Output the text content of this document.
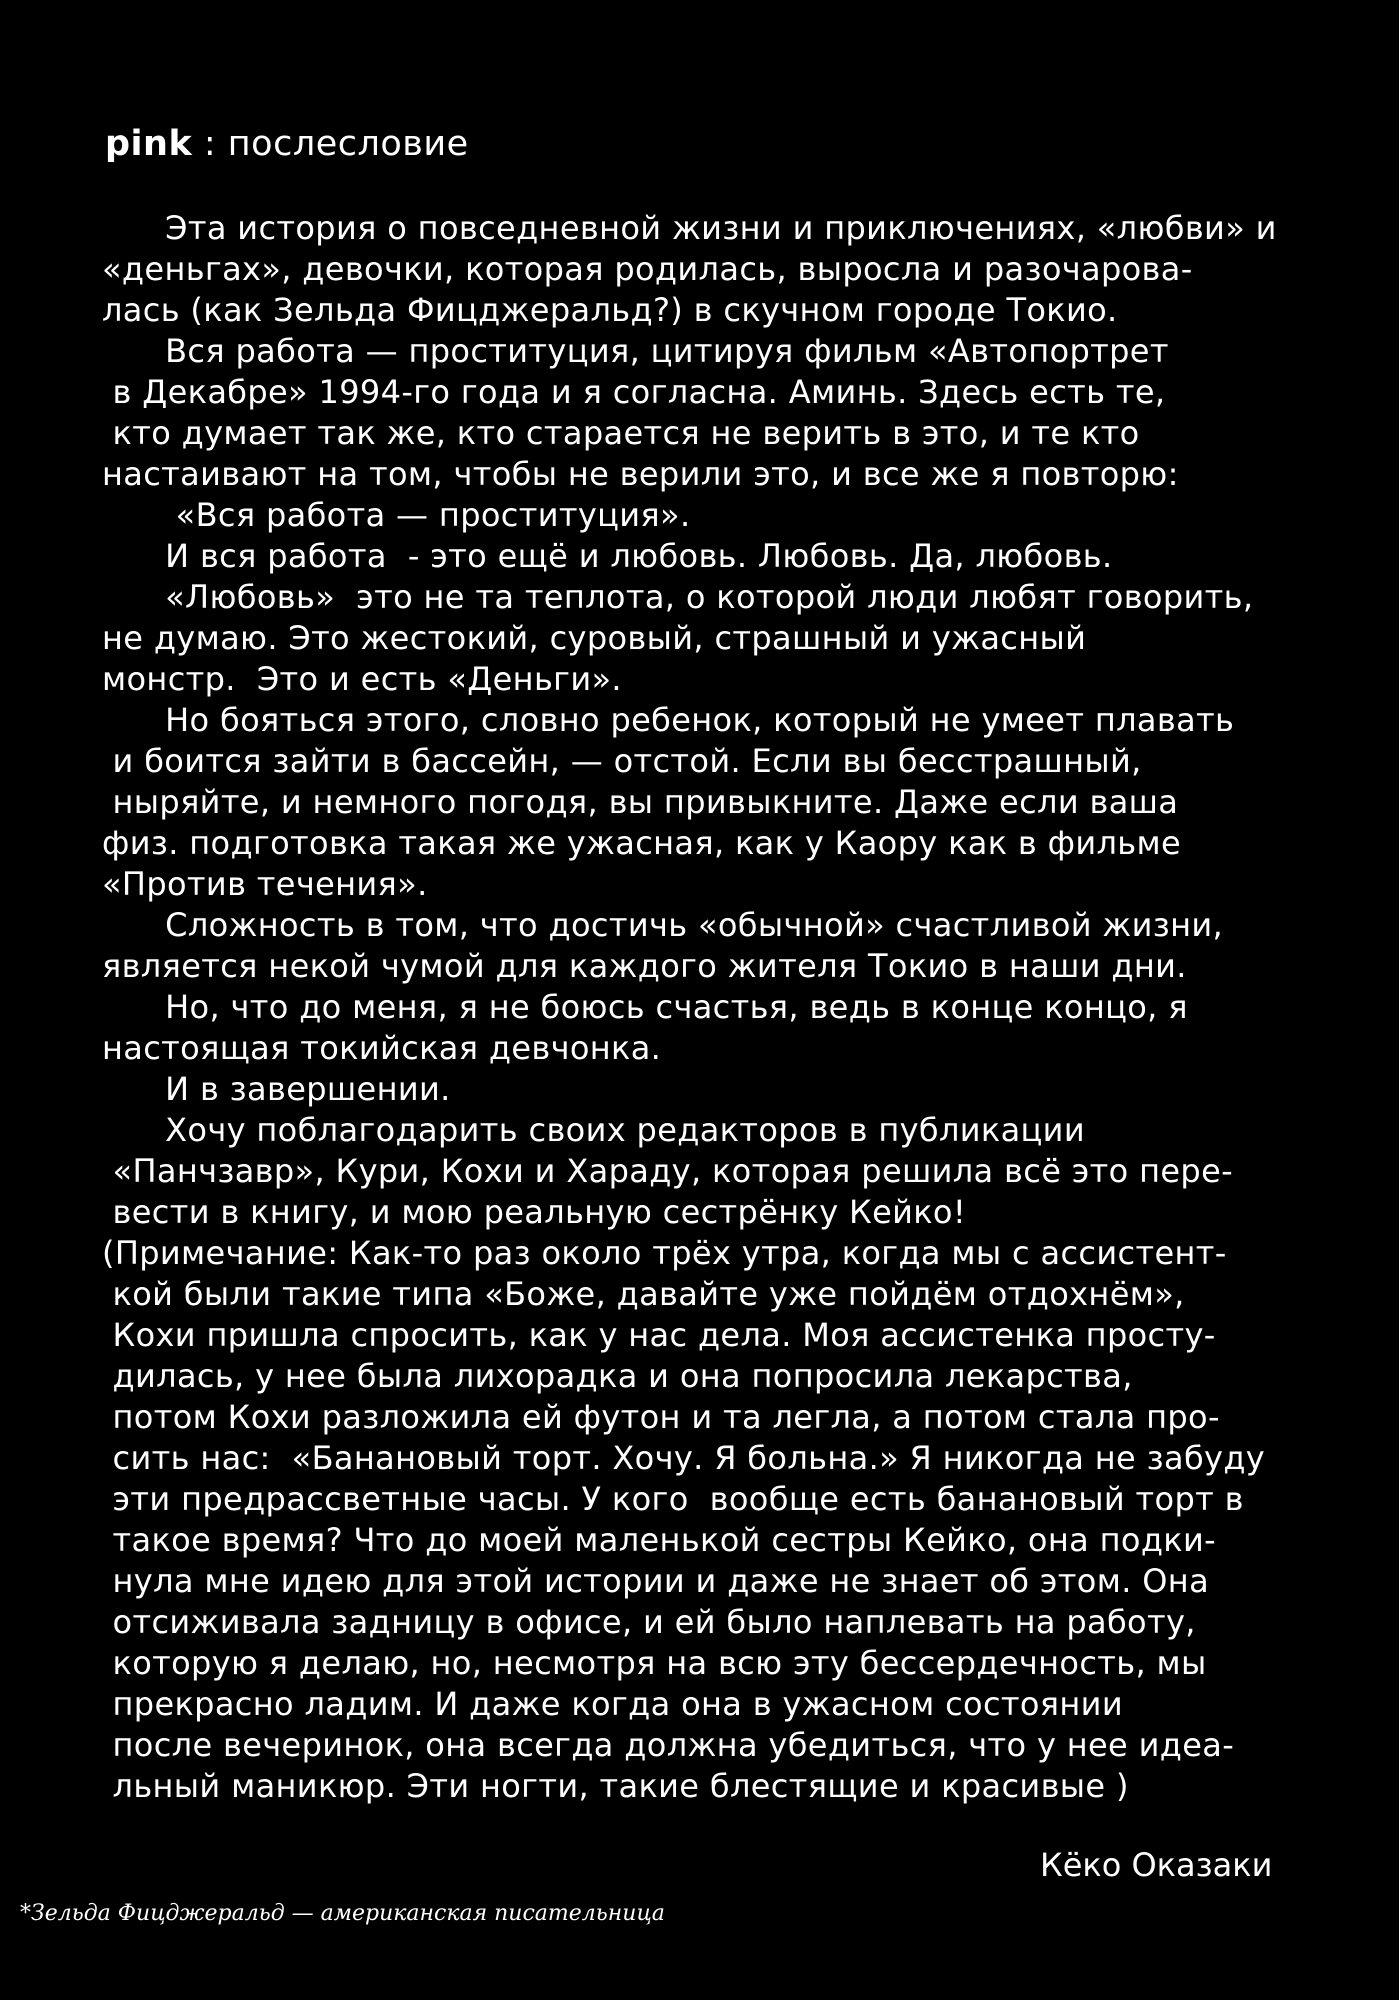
pink : послесловие
Эта история о повседневной жизни и приключениях, «любви» и
«деньгах», девочки, которая родилась, выросла и разочарова-
лась (как Зельда Фицджеральд?) в скучном городе Токио.
Вся работа — проституция, цитируя фильм «Автопортрет
в Декабре» 1994-го года и я согласна. Аминь. Здесь есть те,
кто думает так же, кто старается не верить в это, и те кто
настаивают на том, чтобы не верили это, и все же я повторю:
«Вся работа — проституция».
И вся работа  - это ещё и любовь. Любовь. Да, любовь.
«Любовь»  это не та теплота, о которой люди любят говорить,
не думаю. Это жестокий, суровый, страшный и ужасный
монстр.  Это и есть «Деньги».
Но бояться этого, словно ребенок, который не умеет плавать
и боится зайти в бассейн, — отстой. Если вы бесстрашный,
ныряйте, и немного погодя, вы привыкните. Даже если ваша
физ. подготовка такая же ужасная, как у Каору как в фильме
«Против течения».
Сложность в том, что достичь «обычной» счастливой жизни,
является некой чумой для каждого жителя Токио в наши дни.
Но, что до меня, я не боюсь счастья, ведь в конце концо, я
настоящая токийская девчонка.
И в завершении.
Хочу поблагодарить своих редакторов в публикации
«Панчзавр», Кури, Кохи и Хараду, которая решила всё это пере-
вести в книгу, и мою реальную сестрёнку Кейко!
(Примечание: Как-то раз около трёх утра, когда мы с ассистент-
кой были такие типа «Боже, давайте уже пойдём отдохнём»,
Кохи пришла спросить, как у нас дела. Моя ассистенка просту-
дилась, у нее была лихорадка и она попросила лекарства,
потом Кохи разложила ей футон и та легла, а потом стала про-
сить нас:  «Банановый торт. Хочу. Я больна.» Я никогда не забуду
эти предрассветные часы. У кого  вообще есть банановый торт в
такое время? Что до моей маленькой сестры Кейко, она подки-
нула мне идею для этой истории и даже не знает об этом. Она
отсиживала задницу в офисе, и ей было наплевать на работу,
которую я делаю, но, несмотря на всю эту бессердечность, мы
прекрасно ладим. И даже когда она в ужасном состоянии
после вечеринок, она всегда должна убедиться, что у нее идеа-
льный маникюр. Эти ногти, такие блестящие и красивые )
Кёко Оказаки
*Зельда Фицджеральд — американская писательница
